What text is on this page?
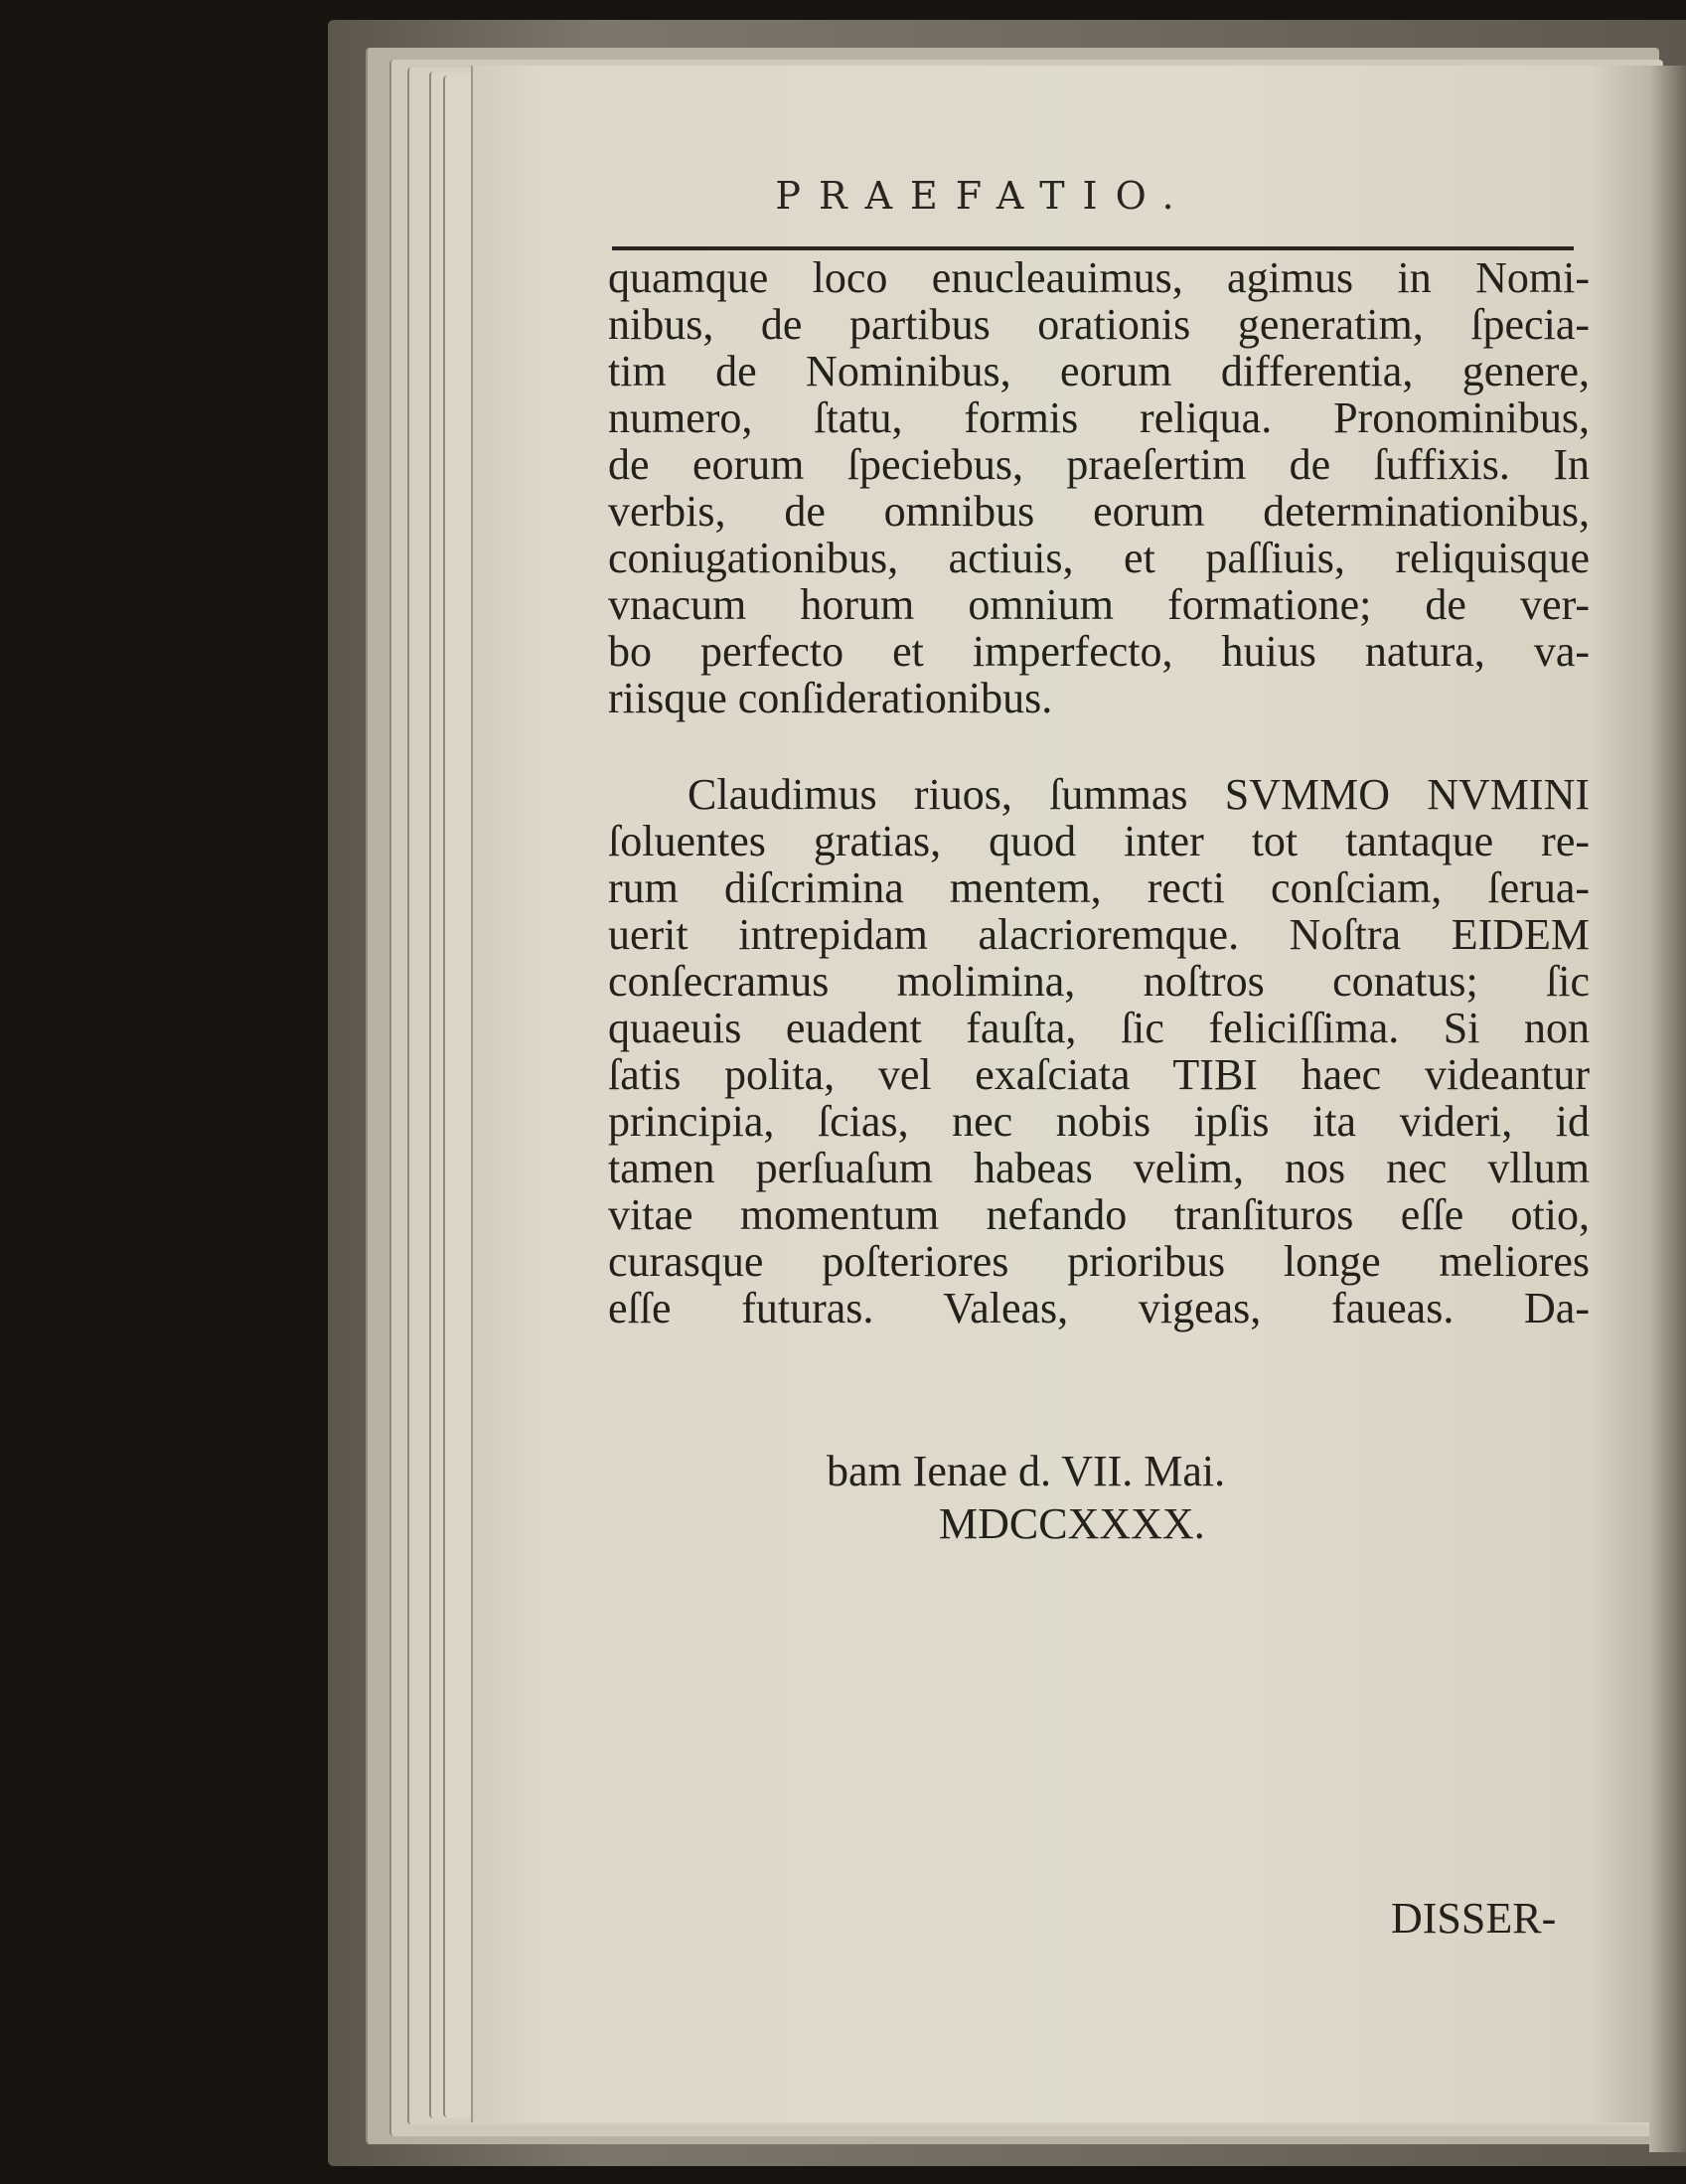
PRAEFATIO.
quamque loco enucleauimus, agimus in Nomi-
nibus, de partibus orationis generatim, ſpecia-
tim de Nominibus, eorum differentia, genere,
numero, ſtatu, formis reliqua. Pronominibus,
de eorum ſpeciebus, praeſertim de ſuffixis. In
verbis, de omnibus eorum determinationibus,
coniugationibus, actiuis, et paſſiuis, reliquisque
vnacum horum omnium formatione; de ver-
bo perfecto et imperfecto, huius natura, va-
riisque conſiderationibus.
Claudimus riuos, ſummas SVMMO NVMINI
ſoluentes gratias, quod inter tot tantaque re-
rum diſcrimina mentem, recti conſciam, ſerua-
uerit intrepidam alacrioremque. Noſtra EIDEM
conſecramus molimina, noſtros conatus; ſic
quaeuis euadent fauſta, ſic feliciſſima. Si non
ſatis polita, vel exaſciata TIBI haec videantur
principia, ſcias, nec nobis ipſis ita videri, id
tamen perſuaſum habeas velim, nos nec vllum
vitae momentum nefando tranſituros eſſe otio,
curasque poſteriores prioribus longe meliores
eſſe futuras. Valeas, vigeas, faueas. Da-
bam Ienae d. VII. Mai.
MDCCXXXX.
DISSER-
